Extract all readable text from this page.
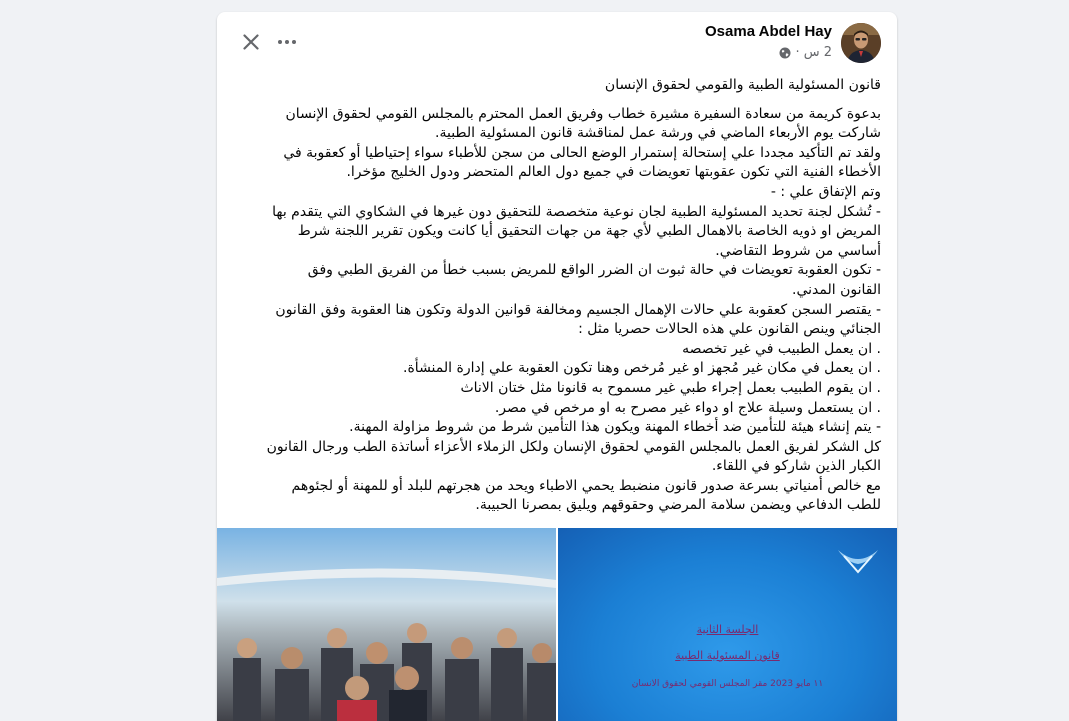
Osama Abdel Hay
2 س ·
قانون المسئولية الطبية والقومي لحقوق الإنسان
بدعوة كريمة من سعادة السفيرة مشيرة خطاب وفريق العمل المحترم بالمجلس القومي لحقوق الإنسان
شاركت يوم الأربعاء الماضي في ورشة عمل لمناقشة قانون المسئولية الطبية.
ولقد تم التأكيد مجددا علي إستحالة إستمرار الوضع الحالى من سجن للأطباء سواء إحتياطيا أو كعقوبة في
الأخطاء الفنية التي تكون عقوبتها تعويضات في جميع دول العالم المتحضر ودول الخليج مؤخرا.
وتم الإتفاق علي : -
- تُشكل لجنة تحديد المسئولية الطبية لجان نوعية متخصصة للتحقيق دون غيرها في الشكاوي التي يتقدم بها
المريض او ذويه الخاصة بالاهمال الطبي لأي جهة من جهات التحقيق أيا كانت ويكون تقرير اللجنة شرط
أساسي من شروط التقاضي.
- تكون العقوبة تعويضات في حالة ثبوت ان الضرر الواقع للمريض بسبب خطأ من الفريق الطبي وفق
القانون المدني.
- يقتصر السجن كعقوبة علي حالات الإهمال الجسيم ومخالفة قوانين الدولة وتكون هنا العقوبة وفق القانون
الجنائي وينص القانون علي هذه الحالات حصريا مثل :
. ان يعمل الطبيب في غير تخصصه
. ان يعمل في مكان غير مُجهز او غير مُرخص وهنا تكون العقوبة علي إدارة المنشأة.
. ان يقوم الطبيب بعمل إجراء طبي غير مسموح به قانونا مثل ختان الاناث
. ان يستعمل وسيلة علاج او دواء غير مصرح به او مرخص في مصر.
- يتم إنشاء هيئة للتأمين ضد أخطاء المهنة ويكون هذا التأمين شرط من شروط مزاولة المهنة.
كل الشكر لفريق العمل بالمجلس القومي لحقوق الإنسان ولكل الزملاء الأعزاء أساتذة الطب ورجال القانون
الكبار الذين شاركو في اللقاء.
مع خالص أمنياتي بسرعة صدور قانون منضبط يحمي الاطباء ويحد من هجرتهم للبلد أو للمهنة أو لجئوهم
للطب الدفاعي ويضمن سلامة المرضي وحقوقهم ويليق بمصرنا الحبيبة.
الجلسة الثانية
قانون المسئولية الطبية
١١ مايو 2023 مقر المجلس القومي لحقوق الانسان
